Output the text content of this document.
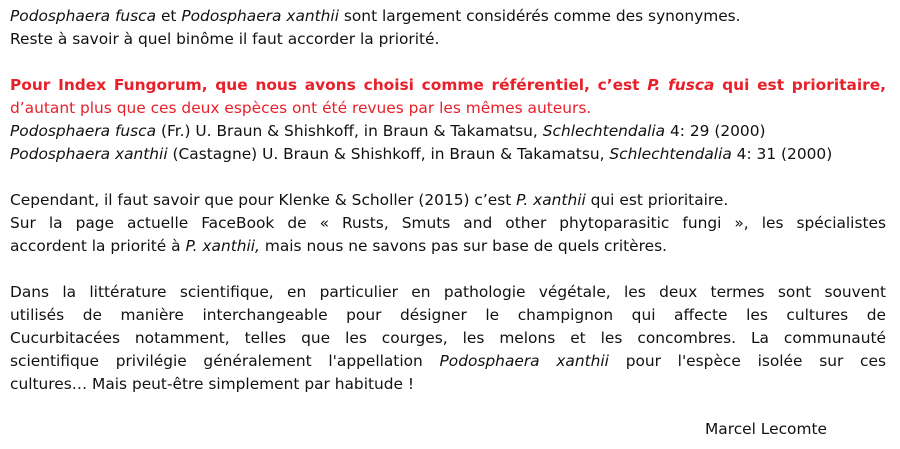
Podosphaera fusca et Podosphaera xanthii sont largement considérés comme des synonymes.

Reste à savoir à quel binôme il faut accorder la priorité.

Pour Index Fungorum, que nous avons choisi comme référentiel, c’est P. fusca qui est prioritaire,

d’autant plus que ces deux espèces ont été revues par les mêmes auteurs.

Podosphaera fusca (Fr.) U. Braun & Shishkoff, in Braun & Takamatsu, Schlechtendalia 4: 29 (2000)

Podosphaera xanthii (Castagne) U. Braun & Shishkoff, in Braun & Takamatsu, Schlechtendalia 4: 31 (2000)

Cependant, il faut savoir que pour Klenke & Scholler (2015) c’est P. xanthii qui est prioritaire.

Sur la page actuelle FaceBook de « Rusts, Smuts and other phytoparasitic fungi », les spécialistes

accordent la priorité à P. xanthii, mais nous ne savons pas sur base de quels critères.

Dans la littérature scientifique, en particulier en pathologie végétale, les deux termes sont souvent

utilisés de manière interchangeable pour désigner le champignon qui affecte les cultures de

Cucurbitacées notamment, telles que les courges, les melons et les concombres. La communauté

scientifique privilégie généralement l'appellation Podosphaera xanthii pour l'espèce isolée sur ces

cultures… Mais peut-être simplement par habitude !

Marcel Lecomte
